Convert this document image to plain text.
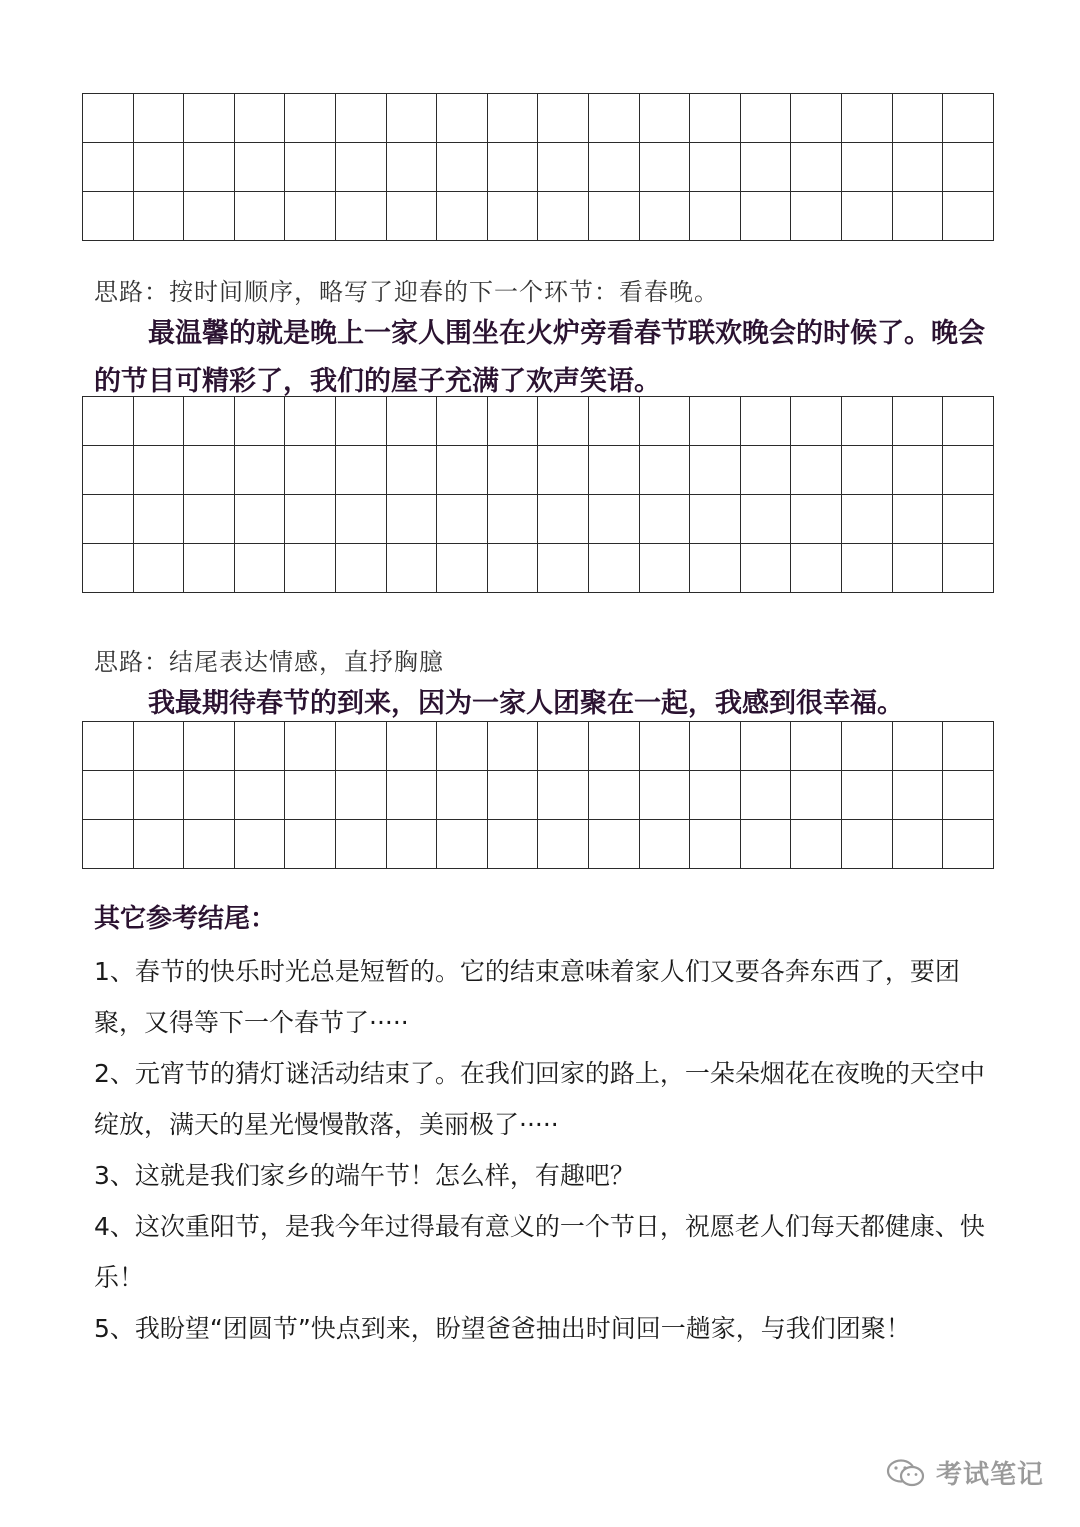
思路：按时间顺序，略写了迎春的下一个环节：看春晚。

最温馨的就是晚上一家人围坐在火炉旁看春节联欢晚会的时候了。晚会的节目可精彩了，我们的屋子充满了欢声笑语。

思路：结尾表达情感，直抒胸臆

我最期待春节的到来，因为一家人团聚在一起，我感到很幸福。

其它参考结尾：

1、春节的快乐时光总是短暂的。它的结束意味着家人们又要各奔东西了，要团聚，又得等下一个春节了·····
2、元宵节的猜灯谜活动结束了。在我们回家的路上，一朵朵烟花在夜晚的天空中绽放，满天的星光慢慢散落，美丽极了·····
3、这就是我们家乡的端午节！怎么样，有趣吧？
4、这次重阳节，是我今年过得最有意义的一个节日，祝愿老人们每天都健康、快乐！
5、我盼望“团圆节”快点到来，盼望爸爸抽出时间回一趟家，与我们团聚！
考试笔记
